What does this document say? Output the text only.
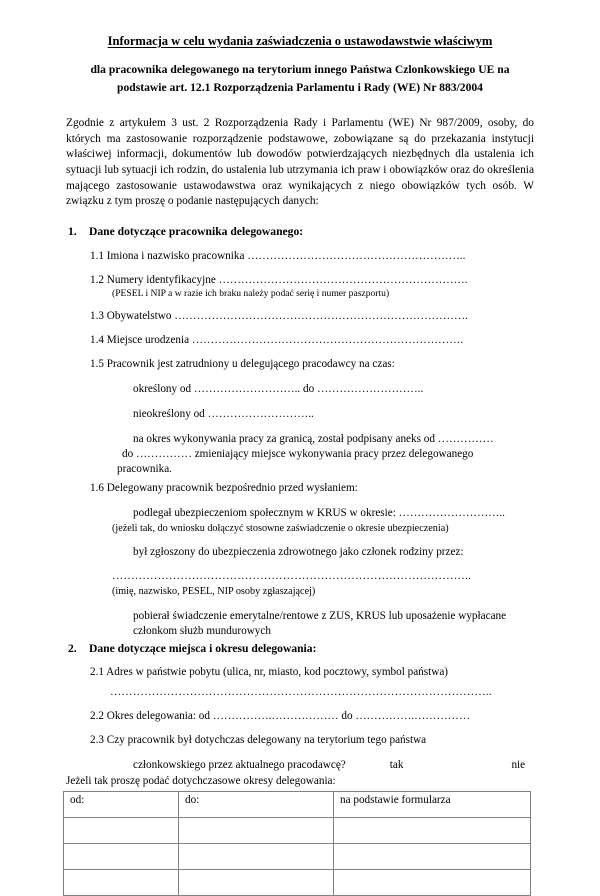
Informacja w celu wydania zaświadczenia o ustawodawstwie właściwym
dla pracownika delegowanego na terytorium innego Państwa Czlonkowskiego UE na podstawie art. 12.1 Rozporządzenia Parlamentu i Rady (WE) Nr 883/2004

Zgodnie z artykułem 3 ust. 2 Rozporządzenia Rady i Parlamentu (WE) Nr 987/2009, osoby, do których ma zastosowanie rozporządzenie podstawowe, zobowiązane są do przekazania instytucji właściwej informacji, dokumentów lub dowodów potwierdzających niezbędnych dla ustalenia ich sytuacji lub sytuacji ich rodzin, do ustalenia lub utrzymania ich praw i obowiązków oraz do określenia mającego zastosowanie ustawodawstwa oraz wynikających z niego obowiązków tych osób. W związku z tym proszę o podanie następujących danych:

1. Dane dotyczące pracownika delegowanego:
1.1 Imiona i nazwisko pracownika …………………………………………………..
1.2 Numery identyfikacyjne ………………………………………………………….
(PESEL i NIP a w razie ich braku należy podać serię i numer paszportu)
1.3 Obywatelstwo …………………………………………………………………….
1.4 Miejsce urodzenia ……………………………………………………………….
1.5 Pracownik jest zatrudniony u delegującego pracodawcy na czas:
określony od ……………………….. do ………………………..
nieokreślony od ………………………..
na okres wykonywania pracy za granicą, został podpisany aneks od ……………
do …………… zmieniający miejsce wykonywania pracy przez delegowanego
pracownika.
1.6 Delegowany pracownik bezpośrednio przed wysłaniem:
podlegał ubezpieczeniom społecznym w KRUS w okresie: ………………………..
(jeżeli tak, do wniosku dołączyć stosowne zaświadczenie o okresie ubezpieczenia)
był zgłoszony do ubezpieczenia zdrowotnego jako członek rodziny przez:
…………………………………………………………………………………..
(imię, nazwisko, PESEL, NIP osoby zgłaszającej)
pobierał świadczenie emerytalne/rentowe z ZUS, KRUS lub uposażenie wypłacane
członkom służb mundurowych
2. Dane dotyczące miejsca i okresu delegowania:
2.1 Adres w państwie pobytu (ulica, nr, miasto, kod pocztowy, symbol państwa)
………………………………………………………………………………………..
2.2 Okres delegowania: od …………….……………… do …………….……………
2.3 Czy pracownik był dotychczas delegowany na terytorium tego państwa
członkowskiego przez aktualnego pracodawcę?	tak	nie
Jeżeli tak proszę podać dotychczasowe okresy delegowania:
od:	do:	na podstawie formularza
